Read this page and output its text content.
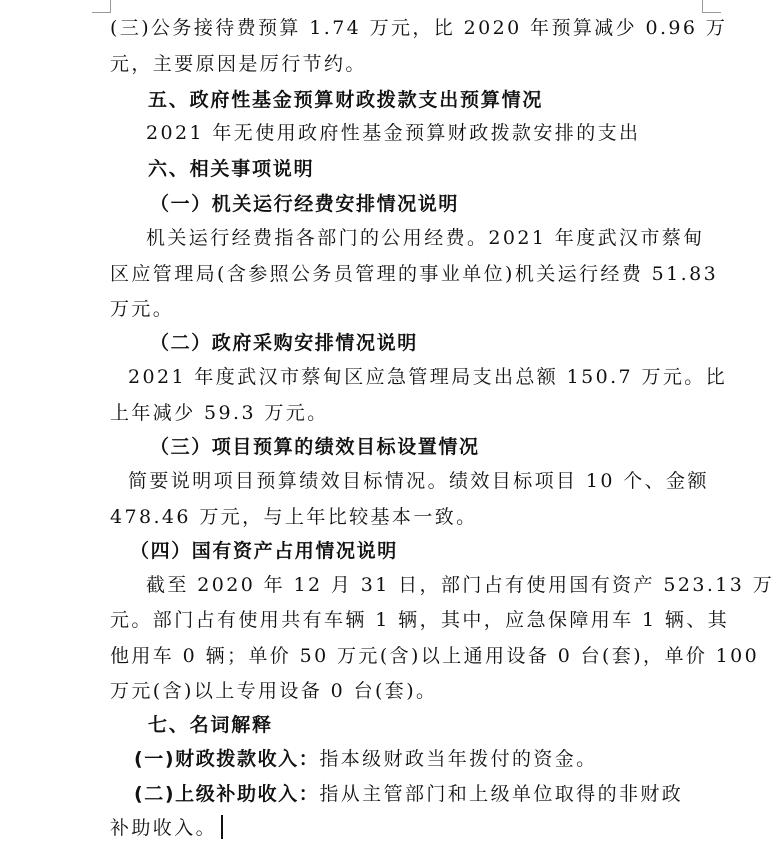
(三)公务接待费预算 1.74 万元，比 2020 年预算减少 0.96 万
元，主要原因是厉行节约。
五、政府性基金预算财政拨款支出预算情况
2021 年无使用政府性基金预算财政拨款安排的支出
六、相关事项说明
（一）机关运行经费安排情况说明
机关运行经费指各部门的公用经费。2021 年度武汉市蔡甸
区应管理局(含参照公务员管理的事业单位)机关运行经费 51.83
万元。
（二）政府采购安排情况说明
2021 年度武汉市蔡甸区应急管理局支出总额 150.7 万元。比
上年减少 59.3 万元。
（三）项目预算的绩效目标设置情况
简要说明项目预算绩效目标情况。绩效目标项目 10 个、金额
478.46 万元，与上年比较基本一致。
（四）国有资产占用情况说明
截至 2020 年 12 月 31 日，部门占有使用国有资产 523.13 万
元。部门占有使用共有车辆 1 辆，其中，应急保障用车 1 辆、其
他用车 0 辆；单价 50 万元(含)以上通用设备 0 台(套)，单价 100
万元(含)以上专用设备 0 台(套)。
七、名词解释
(一)财政拨款收入：指本级财政当年拨付的资金。
(二)上级补助收入：指从主管部门和上级单位取得的非财政
补助收入。
